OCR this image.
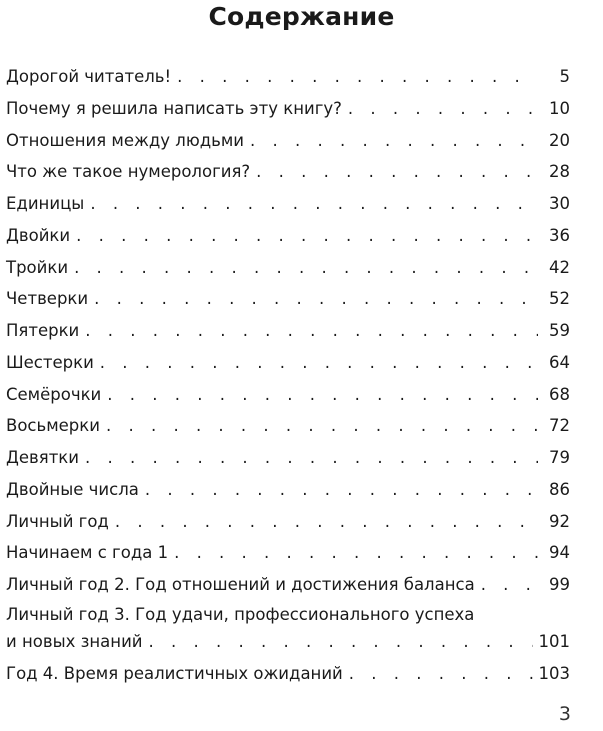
Содержание
Дорогой читатель! . . .	5
Почему я решила написать эту книгу? . . .	10
Отношения между людьми . . .	20
Что же такое нумерология? . . .	28
Единицы . . .	30
Двойки . . .	36
Тройки . . .	42
Четверки . . .	52
Пятерки . . .	59
Шестерки . . .	64
Семёрочки . . .	68
Восьмерки . . .	72
Девятки . . .	79
Двойные числа . . .	86
Личный год . . .	92
Начинаем с года 1 . . .	94
Личный год 2. Год отношений и достижения баланса . . .	99
Личный год 3. Год удачи, профессионального успеха
и новых знаний . . .	101
Год 4. Время реалистичных ожиданий . . .	103
3
